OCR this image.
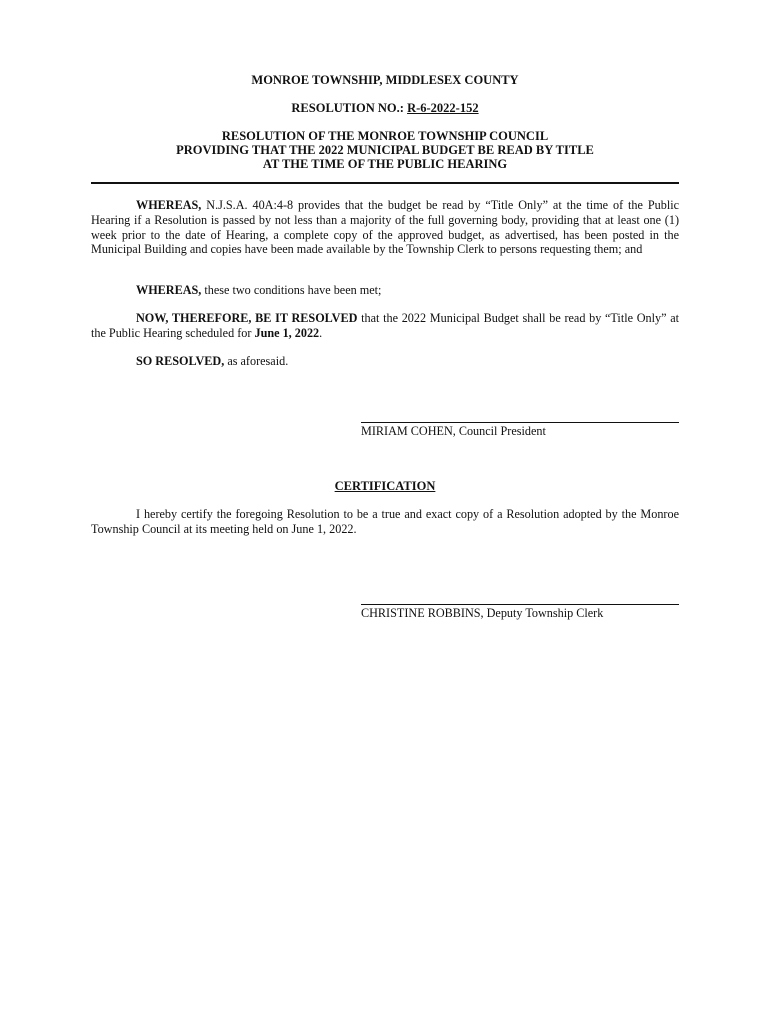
MONROE TOWNSHIP, MIDDLESEX COUNTY
RESOLUTION NO.: R-6-2022-152
RESOLUTION OF THE MONROE TOWNSHIP COUNCIL
PROVIDING THAT THE 2022 MUNICIPAL BUDGET BE READ BY TITLE
AT THE TIME OF THE PUBLIC HEARING
WHEREAS, N.J.S.A. 40A:4-8 provides that the budget be read by “Title Only” at the time of the Public Hearing if a Resolution is passed by not less than a majority of the full governing body, providing that at least one (1) week prior to the date of Hearing, a complete copy of the approved budget, as advertised, has been posted in the Municipal Building and copies have been made available by the Township Clerk to persons requesting them; and
WHEREAS, these two conditions have been met;
NOW, THEREFORE, BE IT RESOLVED that the 2022 Municipal Budget shall be read by “Title Only” at the Public Hearing scheduled for June 1, 2022.
SO RESOLVED, as aforesaid.
MIRIAM COHEN, Council President
CERTIFICATION
I hereby certify the foregoing Resolution to be a true and exact copy of a Resolution adopted by the Monroe Township Council at its meeting held on June 1, 2022.
CHRISTINE ROBBINS, Deputy Township Clerk
